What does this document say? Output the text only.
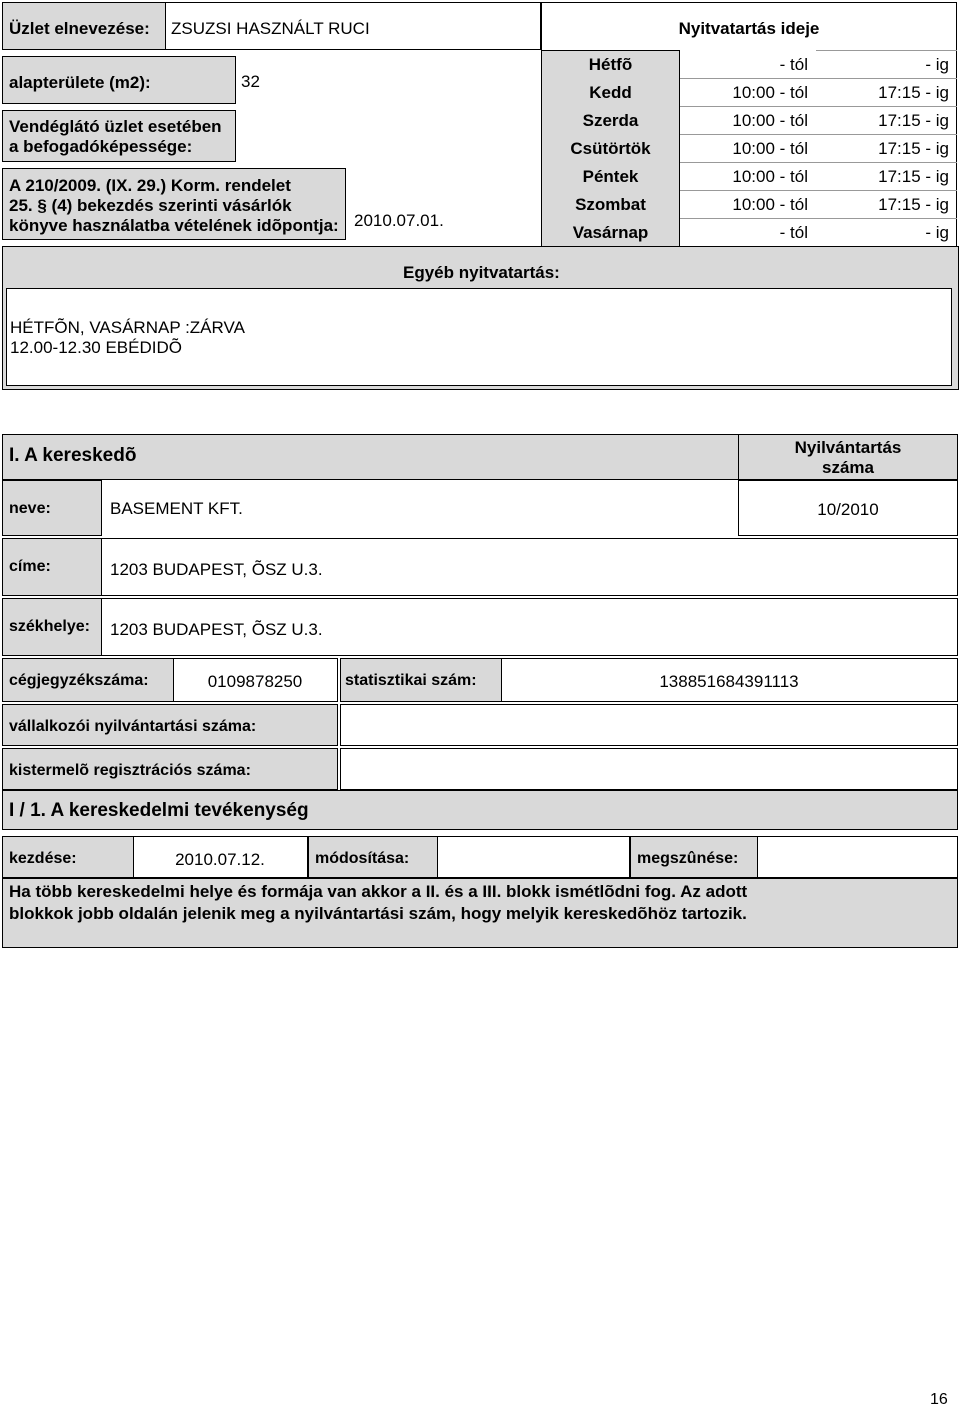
Üzlet elnevezése: ZSUZSI HASZNÁLT RUCI
alapterülete (m2):	32
Vendéglátó üzlet esetében
a befogadóképessége:
A 210/2009. (IX. 29.) Korm. rendelet
25. § (4) bekezdés szerinti vásárlók
könyve használatba vételének idõpontja: 2010.07.01.
Nyitvatartás ideje
Hétfõ	- tól	- ig
Kedd	10:00 - tól	17:15 - ig
Szerda	10:00 - tól	17:15 - ig
Csütörtök	10:00 - tól	17:15 - ig
Péntek	10:00 - tól	17:15 - ig
Szombat	10:00 - tól	17:15 - ig
Vasárnap	- tól	- ig
Egyéb nyitvatartás:
HÉTFÕN, VASÁRNAP :ZÁRVA
12.00-12.30 EBÉDIDÕ
I. A kereskedõ	Nyilvántartás
száma
neve:	BASEMENT KFT.	10/2010
címe:	1203 BUDAPEST, ÕSZ U.3.
székhelye: 1203 BUDAPEST, ÕSZ U.3.
cégjegyzékszáma:	0109878250	statisztikai szám:	138851684391113
vállalkozói nyilvántartási száma:
kistermelõ regisztrációs száma:
I / 1. A kereskedelmi tevékenység
kezdése:	2010.07.12.	módosítása:	megszûnése:
Ha több kereskedelmi helye és formája van akkor a II. és a III. blokk ismétlõdni fog. Az adott blokkok jobb oldalán jelenik meg a nyilvántartási szám, hogy melyik kereskedõhöz tartozik.
16
